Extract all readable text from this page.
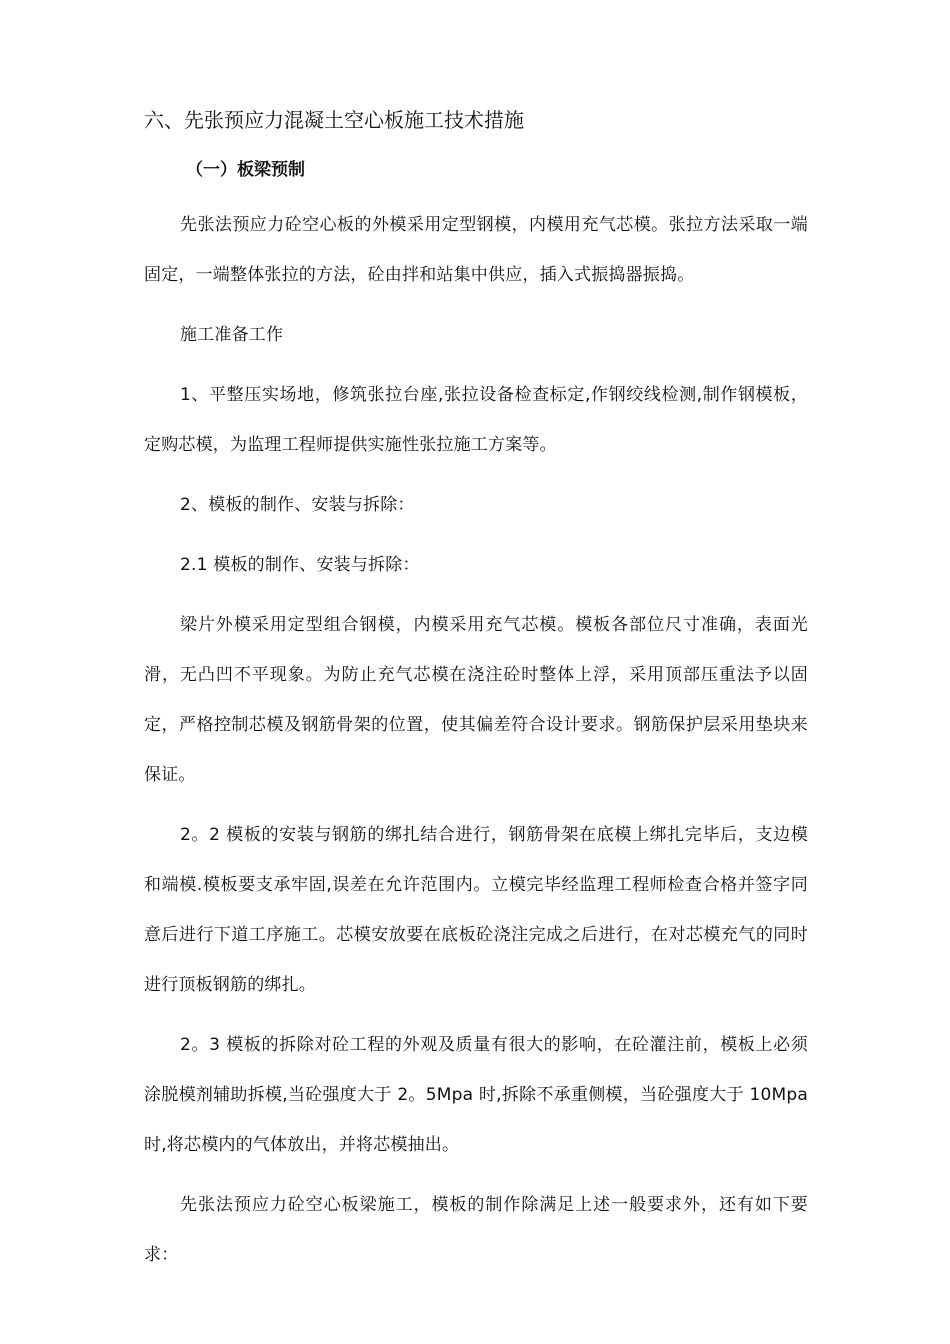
六、先张预应力混凝土空心板施工技术措施
（一）板梁预制

先张法预应力砼空心板的外模采用定型钢模，内模用充气芯模。张拉方法采取一端固定，一端整体张拉的方法，砼由拌和站集中供应，插入式振捣器振捣。

施工准备工作

1、平整压实场地，修筑张拉台座,张拉设备检查标定,作钢绞线检测,制作钢模板，定购芯模，为监理工程师提供实施性张拉施工方案等。

2、模板的制作、安装与拆除：

2.1 模板的制作、安装与拆除：

梁片外模采用定型组合钢模，内模采用充气芯模。模板各部位尺寸准确，表面光滑，无凸凹不平现象。为防止充气芯模在浇注砼时整体上浮，采用顶部压重法予以固定，严格控制芯模及钢筋骨架的位置，使其偏差符合设计要求。钢筋保护层采用垫块来保证。

2。2 模板的安装与钢筋的绑扎结合进行，钢筋骨架在底模上绑扎完毕后，支边模和端模.模板要支承牢固,误差在允许范围内。立模完毕经监理工程师检查合格并签字同意后进行下道工序施工。芯模安放要在底板砼浇注完成之后进行，在对芯模充气的同时进行顶板钢筋的绑扎。

2。3 模板的拆除对砼工程的外观及质量有很大的影响，在砼灌注前，模板上必须涂脱模剂辅助拆模,当砼强度大于 2。5Mpa 时,拆除不承重侧模，当砼强度大于 10Mpa 时,将芯模内的气体放出，并将芯模抽出。

先张法预应力砼空心板梁施工，模板的制作除满足上述一般要求外，还有如下要求：
